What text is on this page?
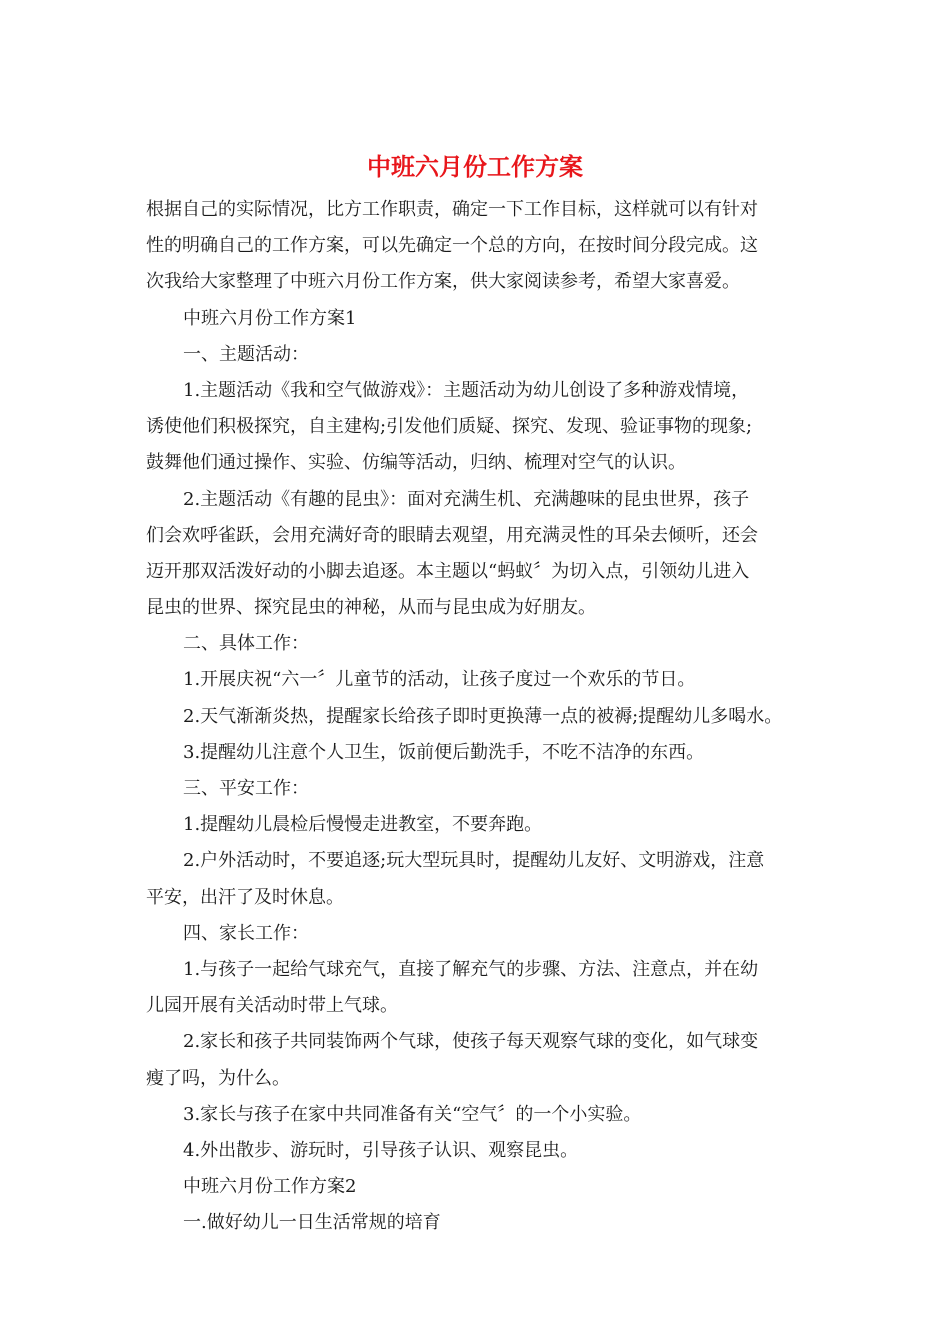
中班六月份工作方案

根据自己的实际情况，比方工作职责，确定一下工作目标，这样就可以有针对

性的明确自己的工作方案，可以先确定一个总的方向，在按时间分段完成。这

次我给大家整理了中班六月份工作方案，供大家阅读参考，希望大家喜爱。

中班六月份工作方案1

一、主题活动：

1.主题活动《我和空气做游戏》：主题活动为幼儿创设了多种游戏情境，

诱使他们积极探究，自主建构;引发他们质疑、探究、发现、验证事物的现象;

鼓舞他们通过操作、实验、仿编等活动，归纳、梳理对空气的认识。

2.主题活动《有趣的昆虫》：面对充满生机、充满趣味的昆虫世界，孩子

们会欢呼雀跃，会用充满好奇的眼睛去观望，用充满灵性的耳朵去倾听，还会

迈开那双活泼好动的小脚去追逐。本主题以“蚂蚁〞为切入点，引领幼儿进入

昆虫的世界、探究昆虫的神秘，从而与昆虫成为好朋友。

二、具体工作：

1.开展庆祝“六一〞儿童节的活动，让孩子度过一个欢乐的节日。

2.天气渐渐炎热，提醒家长给孩子即时更换薄一点的被褥;提醒幼儿多喝水。

3.提醒幼儿注意个人卫生，饭前便后勤洗手，不吃不洁净的东西。

三、平安工作：

1.提醒幼儿晨检后慢慢走进教室，不要奔跑。

2.户外活动时，不要追逐;玩大型玩具时，提醒幼儿友好、文明游戏，注意

平安，出汗了及时休息。

四、家长工作：

1.与孩子一起给气球充气，直接了解充气的步骤、方法、注意点，并在幼

儿园开展有关活动时带上气球。

2.家长和孩子共同装饰两个气球，使孩子每天观察气球的变化，如气球变

瘦了吗，为什么。

3.家长与孩子在家中共同准备有关“空气〞的一个小实验。

4.外出散步、游玩时，引导孩子认识、观察昆虫。

中班六月份工作方案2

一.做好幼儿一日生活常规的培育
